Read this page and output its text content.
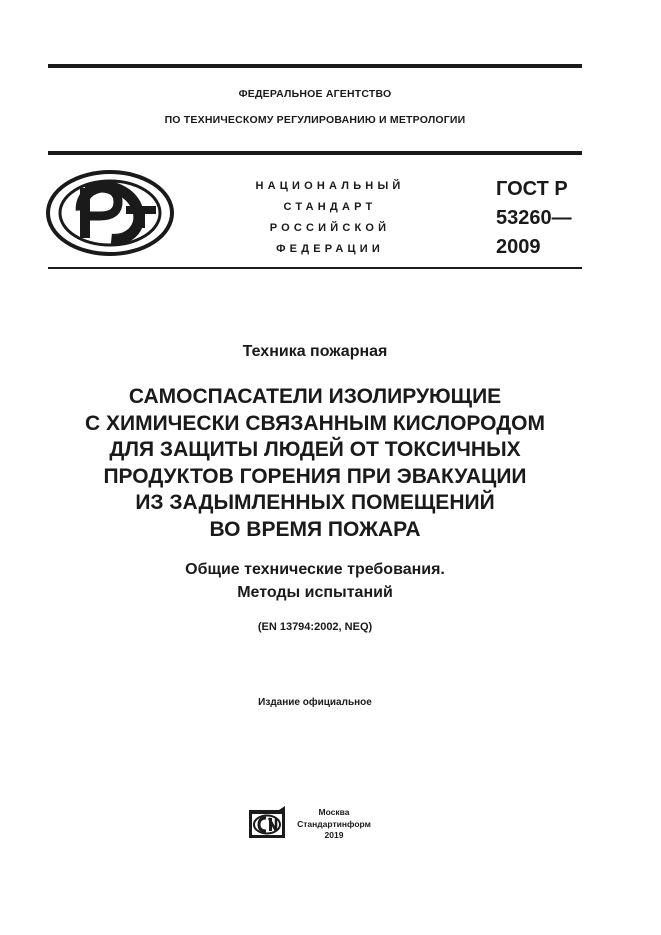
ФЕДЕРАЛЬНОЕ АГЕНТСТВО
ПО ТЕХНИЧЕСКОМУ РЕГУЛИРОВАНИЮ И МЕТРОЛОГИИ
НАЦИОНАЛЬНЫЙ
СТАНДАРТ
РОССИЙСКОЙ
ФЕДЕРАЦИИ
ГОСТ Р
53260—
2009
Техника пожарная
САМОСПАСАТЕЛИ ИЗОЛИРУЮЩИЕ
С ХИМИЧЕСКИ СВЯЗАННЫМ КИСЛОРОДОМ
ДЛЯ ЗАЩИТЫ ЛЮДЕЙ ОТ ТОКСИЧНЫХ
ПРОДУКТОВ ГОРЕНИЯ ПРИ ЭВАКУАЦИИ
ИЗ ЗАДЫМЛЕННЫХ ПОМЕЩЕНИЙ
ВО ВРЕМЯ ПОЖАРА
Общие технические требования.
Методы испытаний
(EN 13794:2002, NEQ)
Издание официальное
Москва
Стандартинформ
2019
